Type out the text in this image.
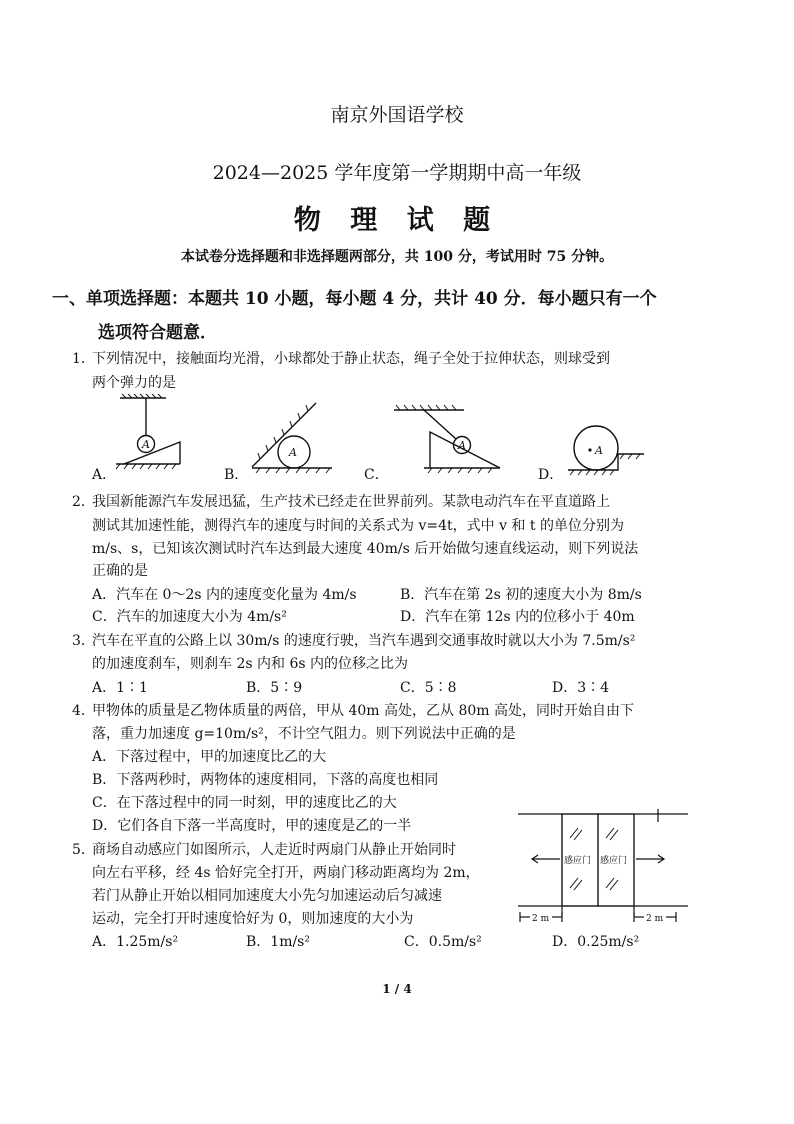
南京外国语学校
2024—2025 学年度第一学期期中高一年级
物 理 试 题
本试卷分选择题和非选择题两部分，共 100 分，考试用时 75 分钟。
一、单项选择题：本题共 10 小题，每小题 4 分，共计 40 分．每小题只有一个
选项符合题意．
1．
下列情况中，接触面均光滑，小球都处于静止状态，绳子全处于拉伸状态，则球受到
两个弹力的是
A
A
A	A
A．	B．	C．	D．
2．
我国新能源汽车发展迅猛，生产技术已经走在世界前列。某款电动汽车在平直道路上
测试其加速性能，测得汽车的速度与时间的关系式为 v=4t，式中 v 和 t 的单位分别为
m/s、s，已知该次测试时汽车达到最大速度 40m/s 后开始做匀速直线运动，则下列说法
正确的是
A．汽车在 0～2s 内的速度变化量为 4m/s	B．汽车在第 2s 初的速度大小为 8m/s
C．汽车的加速度大小为 4m/s²	D．汽车在第 12s 内的位移小于 40m
3．
汽车在平直的公路上以 30m/s 的速度行驶，当汽车遇到交通事故时就以大小为 7.5m/s²
的加速度刹车，则刹车 2s 内和 6s 内的位移之比为
A．1∶1	B．5∶9	C．5∶8	D．3∶4
4．
甲物体的质量是乙物体质量的两倍，甲从 40m 高处，乙从 80m 高处，同时开始自由下
落，重力加速度 g=10m/s²，不计空气阻力。则下列说法中正确的是
A．下落过程中，甲的加速度比乙的大
B．下落两秒时，两物体的速度相同，下落的高度也相同
C．在下落过程中的同一时刻，甲的速度比乙的大
D．它们各自下落一半高度时，甲的速度是乙的一半
5．
商场自动感应门如图所示，人走近时两扇门从静止开始同时
向左右平移，经 4s 恰好完全打开，两扇门移动距离均为 2m，
若门从静止开始以相同加速度大小先匀加速运动后匀减速
运动，完全打开时速度恰好为 0，则加速度的大小为
A．1.25m/s²	B．1m/s²	C．0.5m/s²	D．0.25m/s²
感应门 感应门
2 m	2 m
1 / 4
